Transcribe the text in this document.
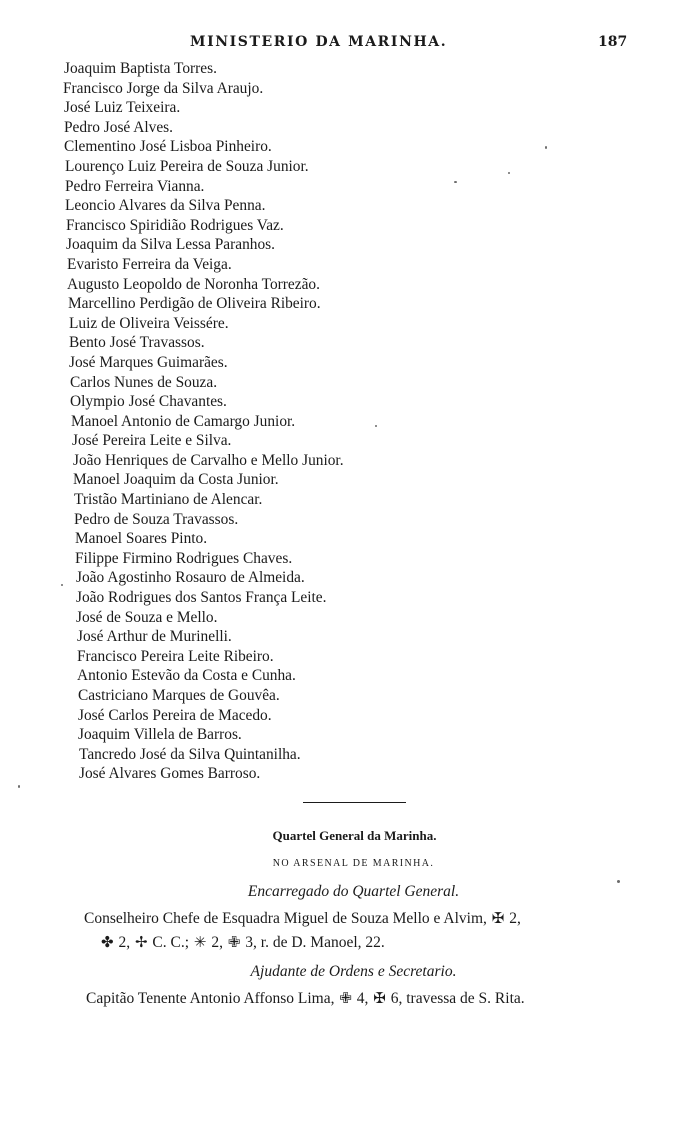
MINISTERIO DA MARINHA.	187
Joaquim Baptista Torres.
Francisco Jorge da Silva Araujo.
José Luiz Teixeira.
Pedro José Alves.
Clementino José Lisboa Pinheiro.
Lourenço Luiz Pereira de Souza Junior.
Pedro Ferreira Vianna.
Leoncio Alvares da Silva Penna.
Francisco Spiridião Rodrigues Vaz.
Joaquim da Silva Lessa Paranhos.
Evaristo Ferreira da Veiga.
Augusto Leopoldo de Noronha Torrezão.
Marcellino Perdigão de Oliveira Ribeiro.
Luiz de Oliveira Veissére.
Bento José Travassos.
José Marques Guimarães.
Carlos Nunes de Souza.
Olympio José Chavantes.
Manoel Antonio de Camargo Junior.
José Pereira Leite e Silva.
João Henriques de Carvalho e Mello Junior.
Manoel Joaquim da Costa Junior.
Tristão Martiniano de Alencar.
Pedro de Souza Travassos.
Manoel Soares Pinto.
Filippe Firmino Rodrigues Chaves.
João Agostinho Rosauro de Almeida.
João Rodrigues dos Santos França Leite.
José de Souza e Mello.
José Arthur de Murinelli.
Francisco Pereira Leite Ribeiro.
Antonio Estevão da Costa e Cunha.
Castriciano Marques de Gouvêa.
José Carlos Pereira de Macedo.
Joaquim Villela de Barros.
Tancredo José da Silva Quintanilha.
José Alvares Gomes Barroso.
Quartel General da Marinha.
NO ARSENAL DE MARINHA.
Encarregado do Quartel General.
Conselheiro Chefe de Esquadra Miguel de Souza Mello e Alvim, ✠ 2,
✤ 2, ✢ C. C.; ✳ 2, ✙ 3, r. de D. Manoel, 22.
Ajudante de Ordens e Secretario.
Capitão Tenente Antonio Affonso Lima, ✙ 4, ✠ 6, travessa de S. Rita.
